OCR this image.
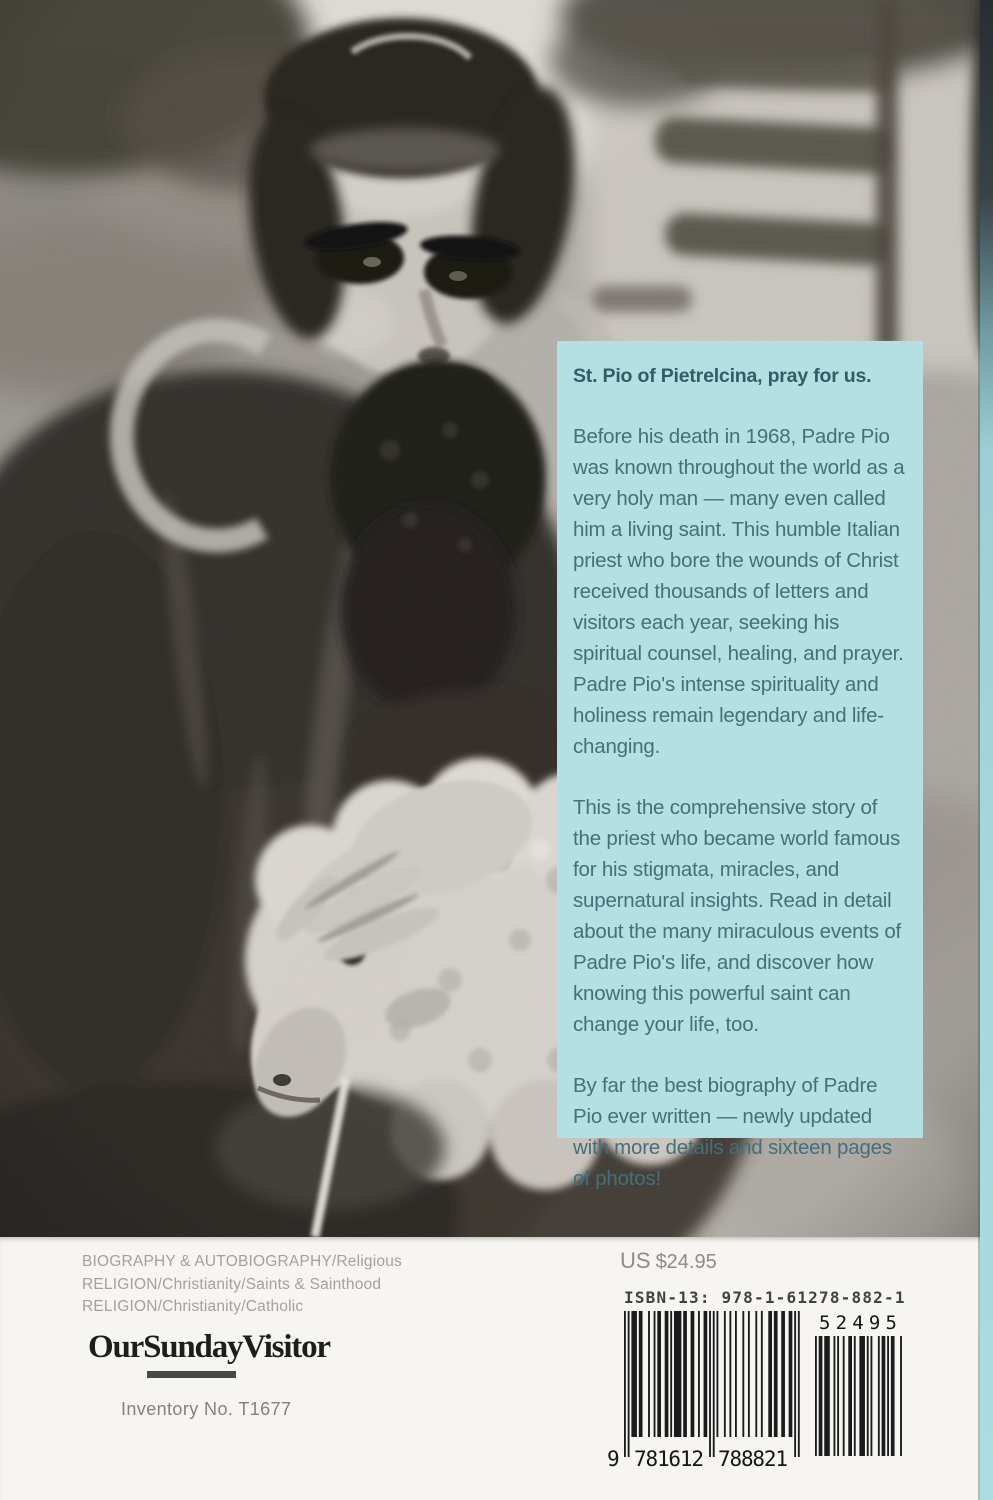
St. Pio of Pietrelcina, pray for us.

Before his death in 1968, Padre Pio was known throughout the world as a very holy man — many even called him a living saint. This humble Italian priest who bore the wounds of Christ received thousands of letters and visitors each year, seeking his spiritual counsel, healing, and prayer. Padre Pio's intense spirituality and holiness remain legendary and life-changing.

This is the comprehensive story of the priest who became world famous for his stigmata, miracles, and supernatural insights. Read in detail about the many miraculous events of Padre Pio's life, and discover how knowing this powerful saint can change your life, too.

By far the best biography of Padre Pio ever written — newly updated with more details and sixteen pages of photos!

BIOGRAPHY & AUTOBIOGRAPHY/Religious
RELIGION/Christianity/Saints & Sainthood
RELIGION/Christianity/Catholic
OurSundayVisitor
Inventory No. T1677
US $24.95
ISBN-13: 978-1-61278-882-1
9 781612 788821
52495
